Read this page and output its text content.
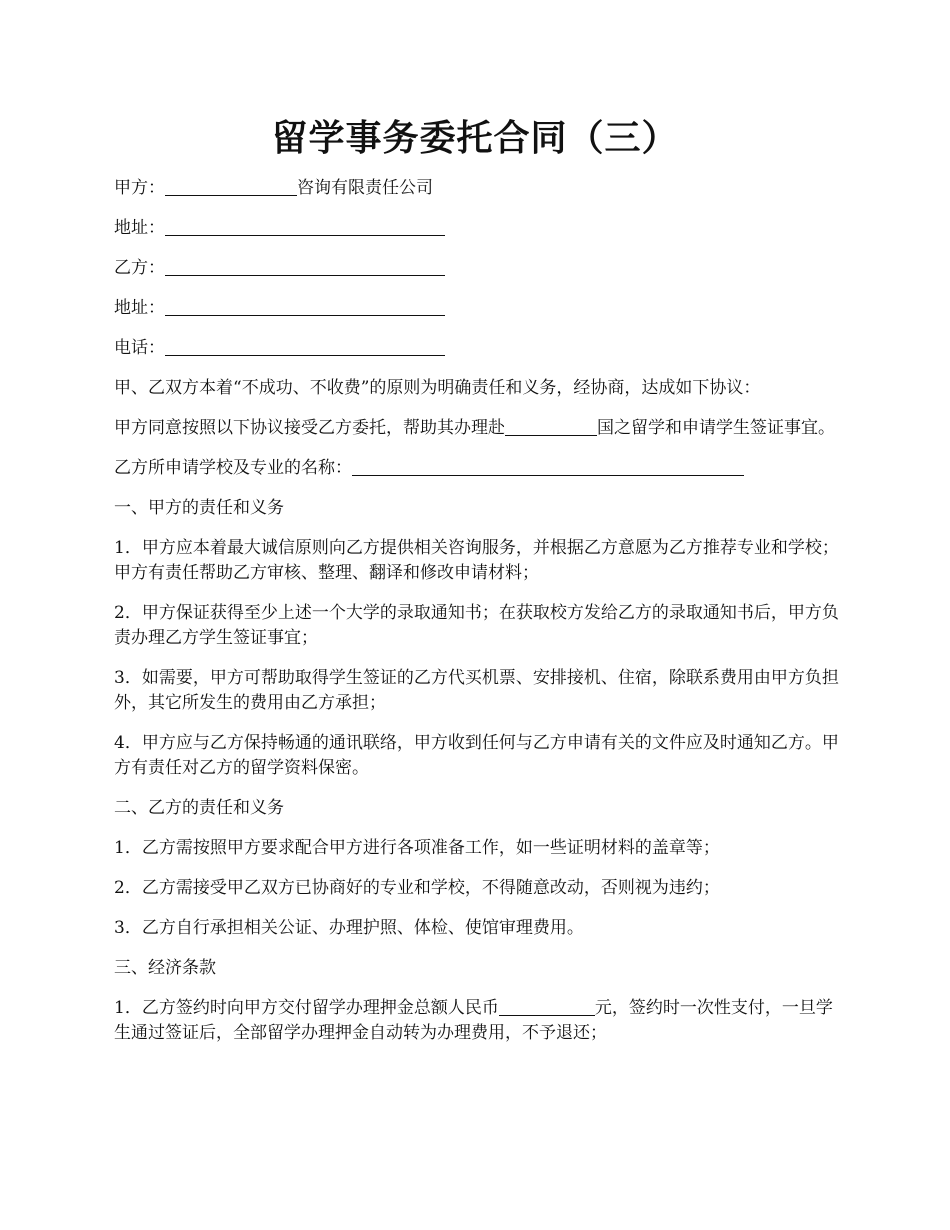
留学事务委托合同（三）

甲方：	咨询有限责任公司

地址：

乙方：

地址：

电话：

甲、乙双方本着“不成功、不收费”的原则为明确责任和义务，经协商，达成如下协议：

甲方同意按照以下协议接受乙方委托，帮助其办理赴	国之留学和申请学生签证事宜。

乙方所申请学校及专业的名称：

一、甲方的责任和义务

1．甲方应本着最大诚信原则向乙方提供相关咨询服务，并根据乙方意愿为乙方推荐专业和学校；甲方有责任帮助乙方审核、整理、翻译和修改申请材料；

2．甲方保证获得至少上述一个大学的录取通知书；在获取校方发给乙方的录取通知书后，甲方负责办理乙方学生签证事宜；

3．如需要，甲方可帮助取得学生签证的乙方代买机票、安排接机、住宿，除联系费用由甲方负担外，其它所发生的费用由乙方承担；

4．甲方应与乙方保持畅通的通讯联络，甲方收到任何与乙方申请有关的文件应及时通知乙方。甲方有责任对乙方的留学资料保密。

二、乙方的责任和义务

1．乙方需按照甲方要求配合甲方进行各项准备工作，如一些证明材料的盖章等；

2．乙方需接受甲乙双方已协商好的专业和学校，不得随意改动，否则视为违约；

3．乙方自行承担相关公证、办理护照、体检、使馆审理费用。

三、经济条款

1．乙方签约时向甲方交付留学办理押金总额人民币	元，签约时一次性支付，一旦学生通过签证后，全部留学办理押金自动转为办理费用，不予退还；
